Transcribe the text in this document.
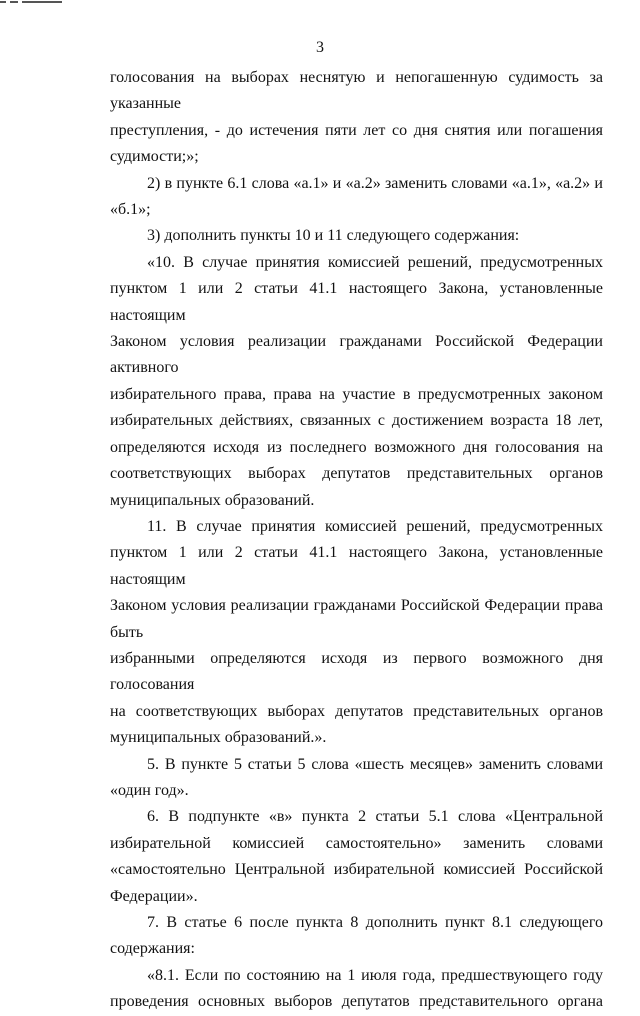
3
голосования на выборах неснятую и непогашенную судимость за указанные
преступления, - до истечения пяти лет со дня снятия или погашения
судимости;»;
2) в пункте 6.1 слова «а.1» и «а.2» заменить словами «а.1», «а.2» и
«б.1»;
3) дополнить пункты 10 и 11 следующего содержания:
«10. В случае принятия комиссией решений, предусмотренных
пунктом 1 или 2 статьи 41.1 настоящего Закона, установленные настоящим
Законом условия реализации гражданами Российской Федерации активного
избирательного права, права на участие в предусмотренных законом
избирательных действиях, связанных с достижением возраста 18 лет,
определяются исходя из последнего возможного дня голосования на
соответствующих выборах депутатов представительных органов
муниципальных образований.
11. В случае принятия комиссией решений, предусмотренных
пунктом 1 или 2 статьи 41.1 настоящего Закона, установленные настоящим
Законом условия реализации гражданами Российской Федерации права быть
избранными определяются исходя из первого возможного дня голосования
на соответствующих выборах депутатов представительных органов
муниципальных образований.».
5. В пункте 5 статьи 5 слова «шесть месяцев» заменить словами
«один год».
6. В подпункте «в» пункта 2 статьи 5.1 слова «Центральной
избирательной комиссией самостоятельно» заменить словами
«самостоятельно Центральной избирательной комиссией Российской
Федерации».
7. В статье 6 после пункта 8 дополнить пункт 8.1 следующего
содержания:
«8.1. Если по состоянию на 1 июля года, предшествующего году
проведения основных выборов депутатов представительного органа
